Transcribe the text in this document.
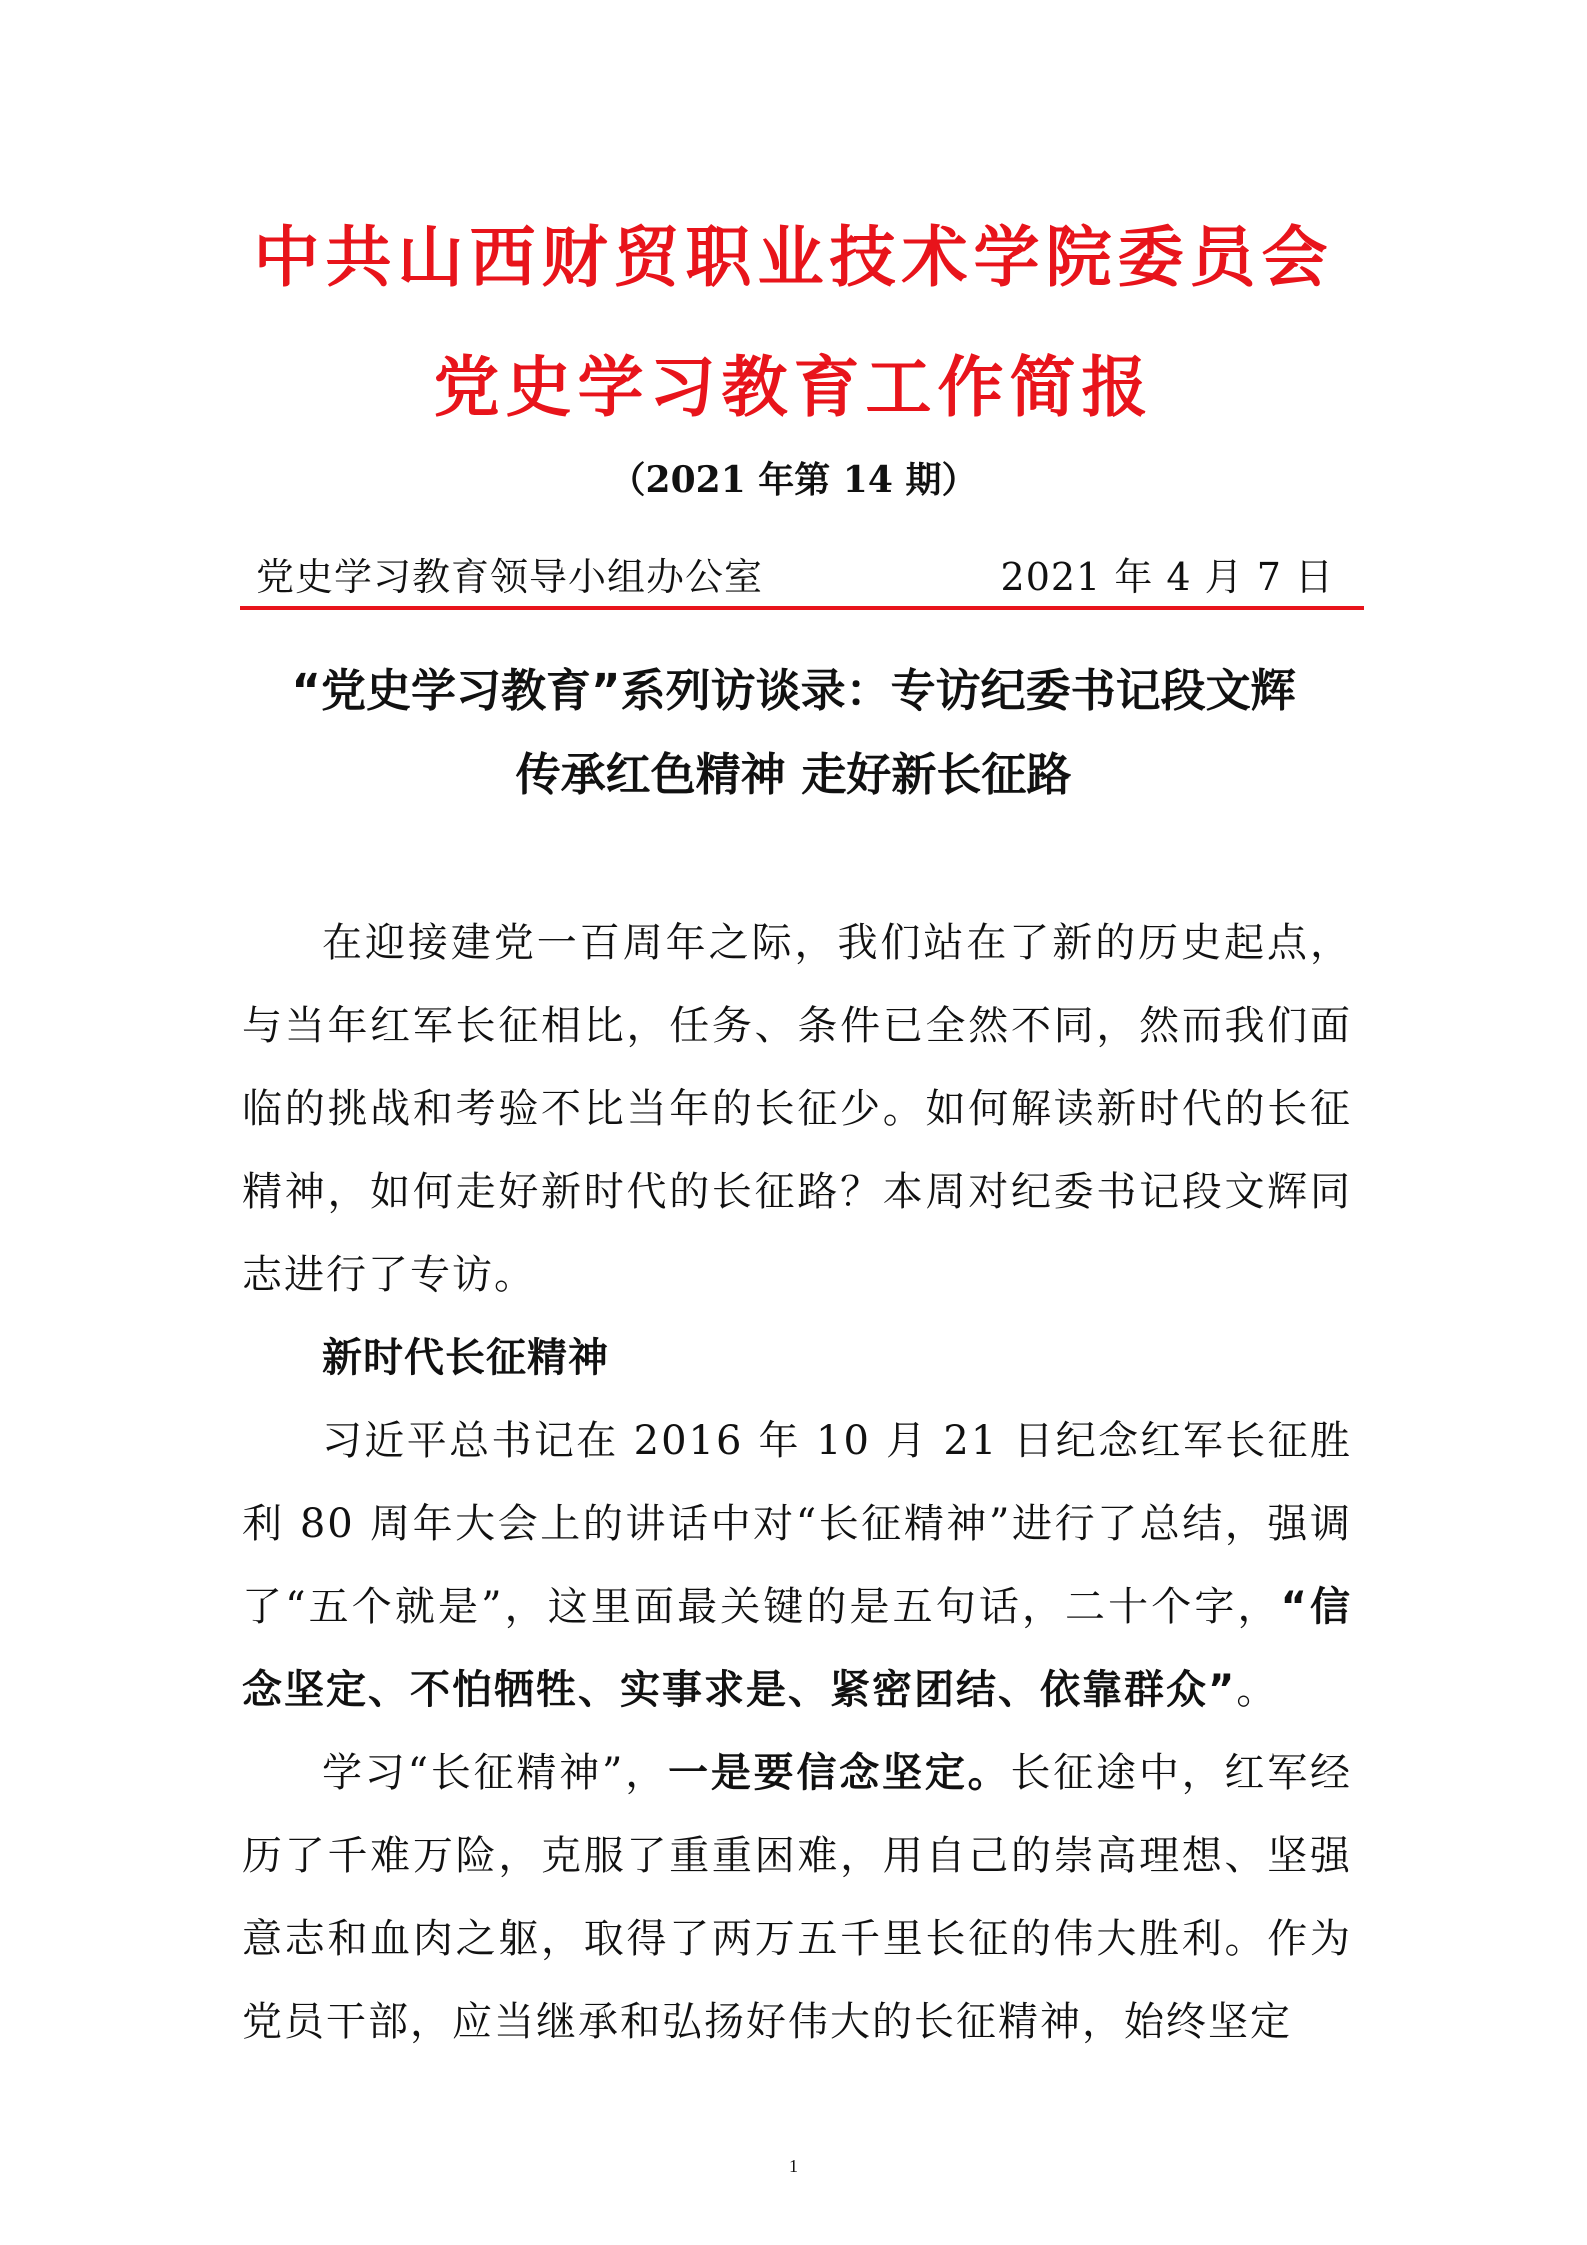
中共山西财贸职业技术学院委员会
党史学习教育工作简报
（2021 年第 14 期）
党史学习教育领导小组办公室	2021 年 4 月 7 日
“党史学习教育”系列访谈录：专访纪委书记段文辉
传承红色精神 走好新长征路

在迎接建党一百周年之际，我们站在了新的历史起点，与当年红军长征相比，任务、条件已全然不同，然而我们面临的挑战和考验不比当年的长征少。如何解读新时代的长征精神，如何走好新时代的长征路？本周对纪委书记段文辉同志进行了专访。

新时代长征精神

习近平总书记在 2016 年 10 月 21 日纪念红军长征胜利 80 周年大会上的讲话中对“长征精神”进行了总结，强调了“五个就是”，这里面最关键的是五句话，二十个字，“信念坚定、不怕牺牲、实事求是、紧密团结、依靠群众”。

学习“长征精神”，一是要信念坚定。长征途中，红军经历了千难万险，克服了重重困难，用自己的崇高理想、坚强意志和血肉之躯，取得了两万五千里长征的伟大胜利。作为党员干部，应当继承和弘扬好伟大的长征精神，始终坚定

1
